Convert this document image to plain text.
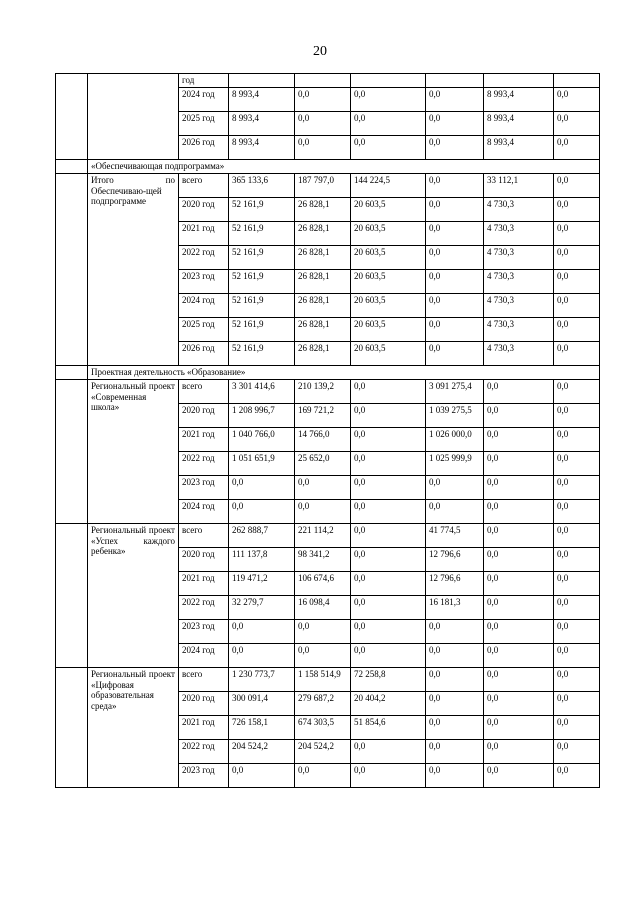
20
		год						
		2024 год	8 993,4	0,0	0,0	0,0	8 993,4	0,0
		2025 год	8 993,4	0,0	0,0	0,0	8 993,4	0,0
		2026 год	8 993,4	0,0	0,0	0,0	8 993,4	0,0
	«Обеспечивающая подпрограмма»							
	Итого по Обеспечиваю-щей подпрограмме	всего	365 133,6	187 797,0	144 224,5	0,0	33 112,1	0,0
		2020 год	52 161,9	26 828,1	20 603,5	0,0	4 730,3	0,0
		2021 год	52 161,9	26 828,1	20 603,5	0,0	4 730,3	0,0
		2022 год	52 161,9	26 828,1	20 603,5	0,0	4 730,3	0,0
		2023 год	52 161,9	26 828,1	20 603,5	0,0	4 730,3	0,0
		2024 год	52 161,9	26 828,1	20 603,5	0,0	4 730,3	0,0
		2025 год	52 161,9	26 828,1	20 603,5	0,0	4 730,3	0,0
		2026 год	52 161,9	26 828,1	20 603,5	0,0	4 730,3	0,0
	Проектная деятельность «Образование»							
	Региональный проект «Современная школа»	всего	3 301 414,6	210 139,2	0,0	3 091 275,4	0,0	0,0
		2020 год	1 208 996,7	169 721,2	0,0	1 039 275,5	0,0	0,0
		2021 год	1 040 766,0	14 766,0	0,0	1 026 000,0	0,0	0,0
		2022 год	1 051 651,9	25 652,0	0,0	1 025 999,9	0,0	0,0
		2023 год	0,0	0,0	0,0	0,0	0,0	0,0
		2024 год	0,0	0,0	0,0	0,0	0,0	0,0
	Региональный проект «Успех каждого ребенка»	всего	262 888,7	221 114,2	0,0	41 774,5	0,0	0,0
		2020 год	111 137,8	98 341,2	0,0	12 796,6	0,0	0,0
		2021 год	119 471,2	106 674,6	0,0	12 796,6	0,0	0,0
		2022 год	32 279,7	16 098,4	0,0	16 181,3	0,0	0,0
		2023 год	0,0	0,0	0,0	0,0	0,0	0,0
		2024 год	0,0	0,0	0,0	0,0	0,0	0,0
	Региональный проект «Цифровая образовательная среда»	всего	1 230 773,7	1 158 514,9	72 258,8	0,0	0,0	0,0
		2020 год	300 091,4	279 687,2	20 404,2	0,0	0,0	0,0
		2021 год	726 158,1	674 303,5	51 854,6	0,0	0,0	0,0
		2022 год	204 524,2	204 524,2	0,0	0,0	0,0	0,0
		2023 год	0,0	0,0	0,0	0,0	0,0	0,0
